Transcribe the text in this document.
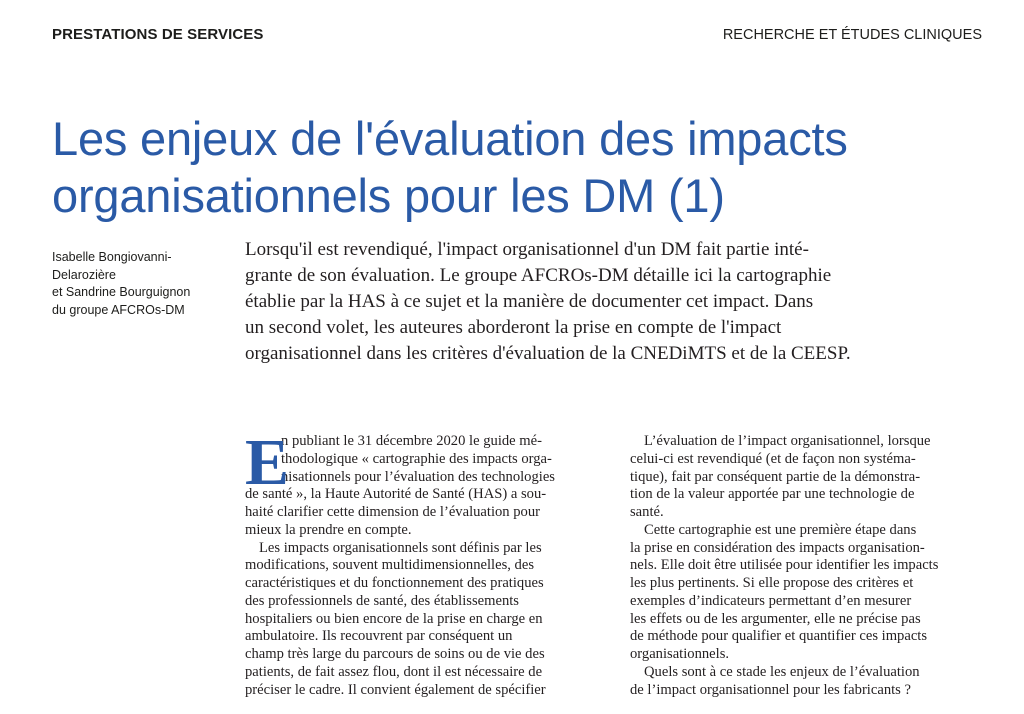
PRESTATIONS DE SERVICES	RECHERCHE ET ÉTUDES CLINIQUES
Les enjeux de l'évaluation des impacts
organisationnels pour les DM (1)
Isabelle Bongiovanni-
Delarozière
et Sandrine Bourguignon
du groupe AFCROs-DM
Lorsqu'il est revendiqué, l'impact organisationnel d'un DM fait partie inté-
grante de son évaluation. Le groupe AFCROs-DM détaille ici la cartographie
établie par la HAS à ce sujet et la manière de documenter cet impact. Dans
un second volet, les auteures aborderont la prise en compte de l'impact
organisationnel dans les critères d'évaluation de la CNEDiMTS et de la CEESP.
E
n publiant le 31 décembre 2020 le guide mé-
thodologique « cartographie des impacts orga-
nisationnels pour l’évaluation des technologies
de santé », la Haute Autorité de Santé (HAS) a sou-
haité clarifier cette dimension de l’évaluation pour
mieux la prendre en compte.
Les impacts organisationnels sont définis par les
modifications, souvent multidimensionnelles, des
caractéristiques et du fonctionnement des pratiques
des professionnels de santé, des établissements
hospitaliers ou bien encore de la prise en charge en
ambulatoire. Ils recouvrent par conséquent un
champ très large du parcours de soins ou de vie des
patients, de fait assez flou, dont il est nécessaire de
préciser le cadre. Il convient également de spécifier
L’évaluation de l’impact organisationnel, lorsque
celui-ci est revendiqué (et de façon non systéma-
tique), fait par conséquent partie de la démonstra-
tion de la valeur apportée par une technologie de
santé.
Cette cartographie est une première étape dans
la prise en considération des impacts organisation-
nels. Elle doit être utilisée pour identifier les impacts
les plus pertinents. Si elle propose des critères et
exemples d’indicateurs permettant d’en mesurer
les effets ou de les argumenter, elle ne précise pas
de méthode pour qualifier et quantifier ces impacts
organisationnels.
Quels sont à ce stade les enjeux de l’évaluation
de l’impact organisationnel pour les fabricants ?
